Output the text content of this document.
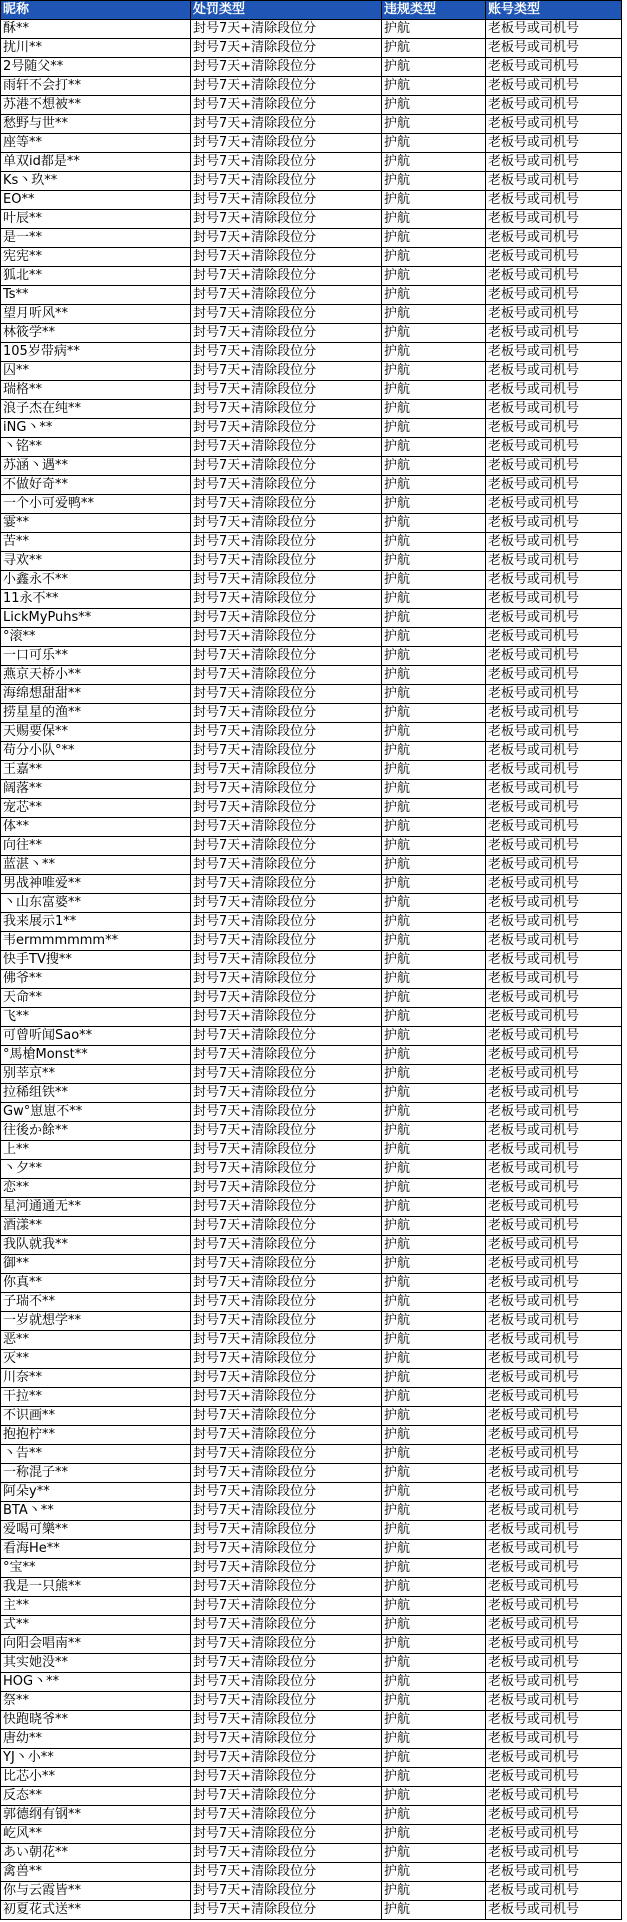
昵称	处罚类型	违规类型	账号类型
酥**	封号7天+清除段位分	护航	老板号或司机号
扰川**	封号7天+清除段位分	护航	老板号或司机号
2号随父**	封号7天+清除段位分	护航	老板号或司机号
雨轩不会打**	封号7天+清除段位分	护航	老板号或司机号
苏港不想被**	封号7天+清除段位分	护航	老板号或司机号
愁野与世**	封号7天+清除段位分	护航	老板号或司机号
座等**	封号7天+清除段位分	护航	老板号或司机号
单双id都是**	封号7天+清除段位分	护航	老板号或司机号
Ks丶玖**	封号7天+清除段位分	护航	老板号或司机号
EO**	封号7天+清除段位分	护航	老板号或司机号
叶辰**	封号7天+清除段位分	护航	老板号或司机号
是一**	封号7天+清除段位分	护航	老板号或司机号
宪宪**	封号7天+清除段位分	护航	老板号或司机号
狐北**	封号7天+清除段位分	护航	老板号或司机号
Ts**	封号7天+清除段位分	护航	老板号或司机号
望月听风**	封号7天+清除段位分	护航	老板号或司机号
林筱学**	封号7天+清除段位分	护航	老板号或司机号
105岁带病**	封号7天+清除段位分	护航	老板号或司机号
囚**	封号7天+清除段位分	护航	老板号或司机号
瑞格**	封号7天+清除段位分	护航	老板号或司机号
浪子杰在纯**	封号7天+清除段位分	护航	老板号或司机号
iNG丶**	封号7天+清除段位分	护航	老板号或司机号
丶铭**	封号7天+清除段位分	护航	老板号或司机号
苏涵丶遇**	封号7天+清除段位分	护航	老板号或司机号
不做好奇**	封号7天+清除段位分	护航	老板号或司机号
一个小可爱鸭**	封号7天+清除段位分	护航	老板号或司机号
霎**	封号7天+清除段位分	护航	老板号或司机号
苦**	封号7天+清除段位分	护航	老板号或司机号
寻欢**	封号7天+清除段位分	护航	老板号或司机号
小鑫永不**	封号7天+清除段位分	护航	老板号或司机号
11永不**	封号7天+清除段位分	护航	老板号或司机号
LickMyPuhs**	封号7天+清除段位分	护航	老板号或司机号
°滚**	封号7天+清除段位分	护航	老板号或司机号
一口可乐**	封号7天+清除段位分	护航	老板号或司机号
燕京天桥小**	封号7天+清除段位分	护航	老板号或司机号
海绵想甜甜**	封号7天+清除段位分	护航	老板号或司机号
捞星星的渔**	封号7天+清除段位分	护航	老板号或司机号
天赐要保**	封号7天+清除段位分	护航	老板号或司机号
苟分小队°**	封号7天+清除段位分	护航	老板号或司机号
王嘉**	封号7天+清除段位分	护航	老板号或司机号
阔落**	封号7天+清除段位分	护航	老板号或司机号
宠芯**	封号7天+清除段位分	护航	老板号或司机号
体**	封号7天+清除段位分	护航	老板号或司机号
向往**	封号7天+清除段位分	护航	老板号或司机号
蓝湛丶**	封号7天+清除段位分	护航	老板号或司机号
男战神唯爱**	封号7天+清除段位分	护航	老板号或司机号
丶山东富婆**	封号7天+清除段位分	护航	老板号或司机号
我来展示1**	封号7天+清除段位分	护航	老板号或司机号
韦ermmmmmm**	封号7天+清除段位分	护航	老板号或司机号
快手TV搜**	封号7天+清除段位分	护航	老板号或司机号
佛爷**	封号7天+清除段位分	护航	老板号或司机号
天命**	封号7天+清除段位分	护航	老板号或司机号
飞**	封号7天+清除段位分	护航	老板号或司机号
可曾听闻Sao**	封号7天+清除段位分	护航	老板号或司机号
°馬槍Monst**	封号7天+清除段位分	护航	老板号或司机号
别莘京**	封号7天+清除段位分	护航	老板号或司机号
拉稀组铁**	封号7天+清除段位分	护航	老板号或司机号
Gw°崽崽不**	封号7天+清除段位分	护航	老板号或司机号
往後か餘**	封号7天+清除段位分	护航	老板号或司机号
上**	封号7天+清除段位分	护航	老板号或司机号
丶夕**	封号7天+清除段位分	护航	老板号或司机号
恋**	封号7天+清除段位分	护航	老板号或司机号
星河通通无**	封号7天+清除段位分	护航	老板号或司机号
酒漾**	封号7天+清除段位分	护航	老板号或司机号
我队就我**	封号7天+清除段位分	护航	老板号或司机号
御**	封号7天+清除段位分	护航	老板号或司机号
你真**	封号7天+清除段位分	护航	老板号或司机号
子瑞不**	封号7天+清除段位分	护航	老板号或司机号
一岁就想学**	封号7天+清除段位分	护航	老板号或司机号
恶**	封号7天+清除段位分	护航	老板号或司机号
灭**	封号7天+清除段位分	护航	老板号或司机号
川奈**	封号7天+清除段位分	护航	老板号或司机号
干拉**	封号7天+清除段位分	护航	老板号或司机号
不识画**	封号7天+清除段位分	护航	老板号或司机号
抱抱柠**	封号7天+清除段位分	护航	老板号或司机号
丶告**	封号7天+清除段位分	护航	老板号或司机号
一称混子**	封号7天+清除段位分	护航	老板号或司机号
阿朵y**	封号7天+清除段位分	护航	老板号或司机号
BTA丶**	封号7天+清除段位分	护航	老板号或司机号
爱喝可樂**	封号7天+清除段位分	护航	老板号或司机号
看海He**	封号7天+清除段位分	护航	老板号或司机号
°宝**	封号7天+清除段位分	护航	老板号或司机号
我是一只熊**	封号7天+清除段位分	护航	老板号或司机号
主**	封号7天+清除段位分	护航	老板号或司机号
式**	封号7天+清除段位分	护航	老板号或司机号
向阳会唱南**	封号7天+清除段位分	护航	老板号或司机号
其实她没**	封号7天+清除段位分	护航	老板号或司机号
HOG丶**	封号7天+清除段位分	护航	老板号或司机号
祭**	封号7天+清除段位分	护航	老板号或司机号
快跑晓爷**	封号7天+清除段位分	护航	老板号或司机号
唐幼**	封号7天+清除段位分	护航	老板号或司机号
YJ丶小**	封号7天+清除段位分	护航	老板号或司机号
比芯小**	封号7天+清除段位分	护航	老板号或司机号
反态**	封号7天+清除段位分	护航	老板号或司机号
郭德纲有钢**	封号7天+清除段位分	护航	老板号或司机号
屹风**	封号7天+清除段位分	护航	老板号或司机号
あい朝花**	封号7天+清除段位分	护航	老板号或司机号
禽兽**	封号7天+清除段位分	护航	老板号或司机号
你与云霞皆**	封号7天+清除段位分	护航	老板号或司机号
初夏花式送**	封号7天+清除段位分	护航	老板号或司机号
